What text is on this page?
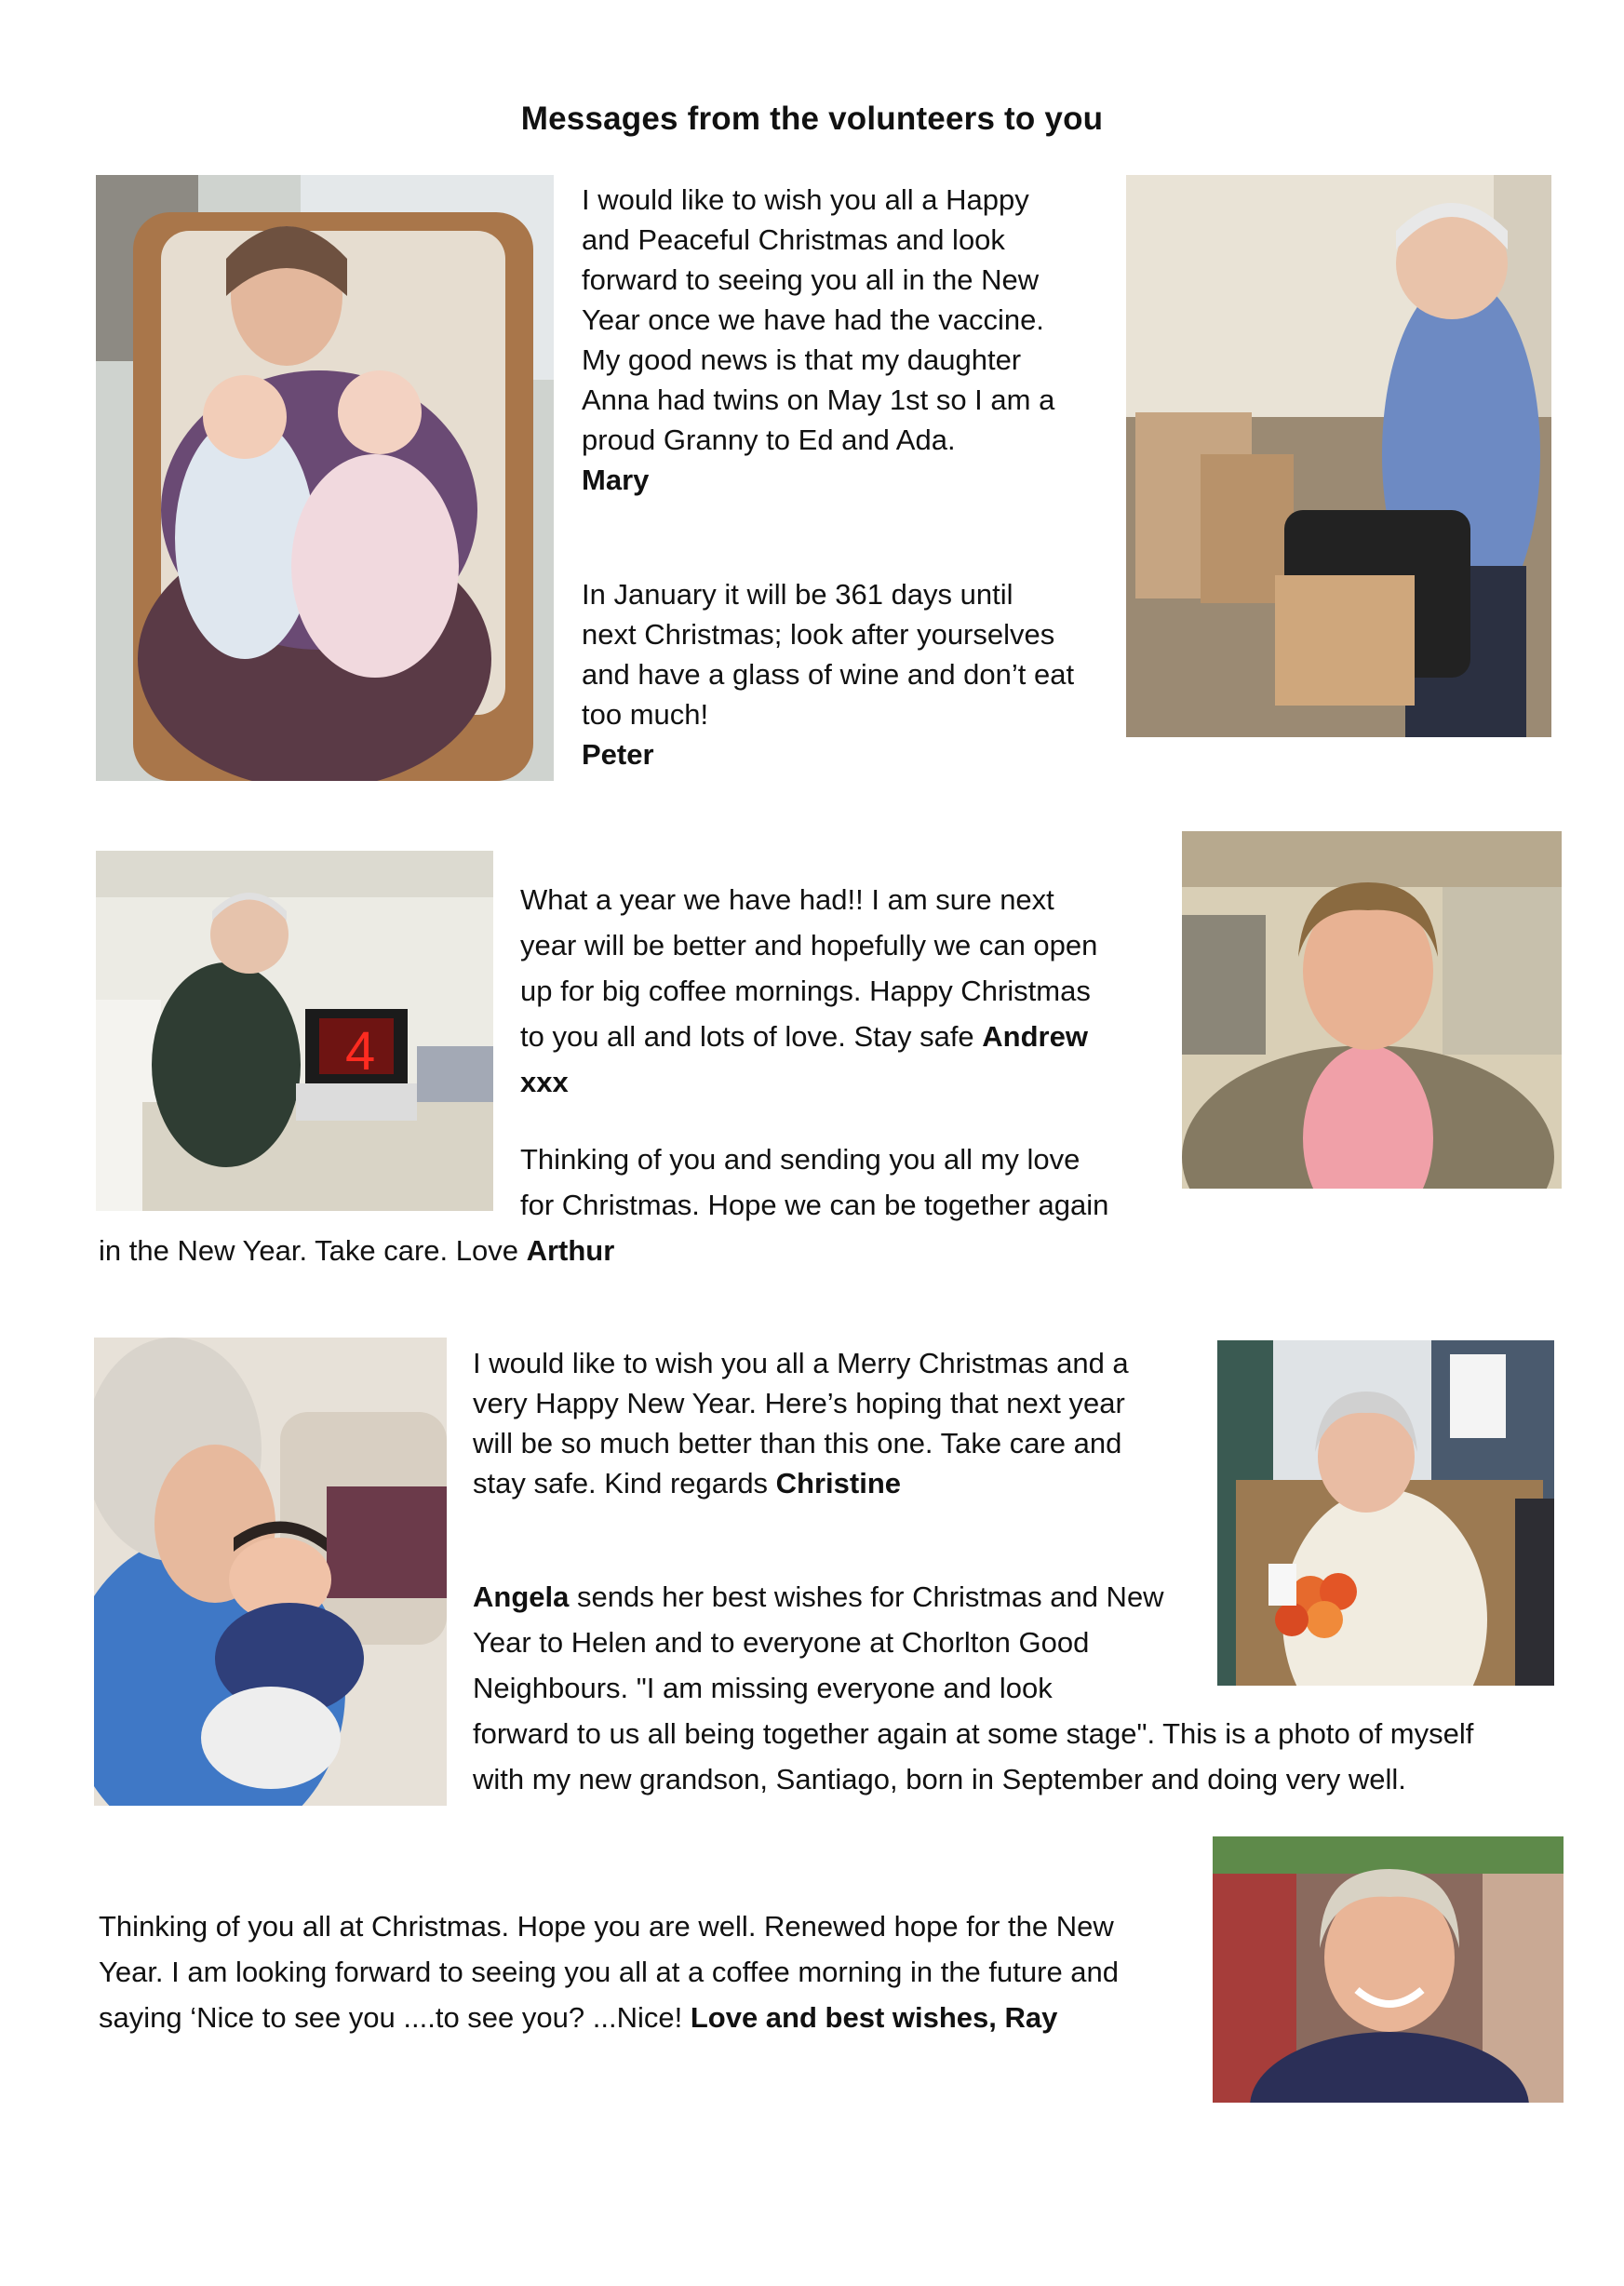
Messages from the volunteers to you
I would like to wish you all a Happy
and Peaceful Christmas and look
forward to seeing you all in the New
Year once we have had the vaccine.
My good news is that my daughter
Anna had twins on May 1st so I am a
proud Granny to Ed and Ada.
Mary
In January it will be 361 days until
next Christmas; look after yourselves
and have a glass of wine and don’t eat
too much!
Peter
4
What a year we have had!! I am sure next
year will be better and hopefully we can open
up for big coffee mornings. Happy Christmas
to you all and lots of love. Stay safe Andrew
xxx
Thinking of you and sending you all my love
for Christmas. Hope we can be together again
in the New Year. Take care. Love Arthur
I would like to wish you all a Merry Christmas and a
very Happy New Year. Here’s hoping that next year
will be so much better than this one. Take care and
stay safe. Kind regards Christine
Angela sends her best wishes for Christmas and New
Year to Helen and to everyone at Chorlton Good
Neighbours. "I am missing everyone and look
forward to us all being together again at some stage". This is a photo of myself
with my new grandson, Santiago, born in September and doing very well.
Thinking of you all at Christmas. Hope you are well. Renewed hope for the New
Year. I am looking forward to seeing you all at a coffee morning in the future and
saying ‘Nice to see you ....to see you? ...Nice! Love and best wishes, Ray
